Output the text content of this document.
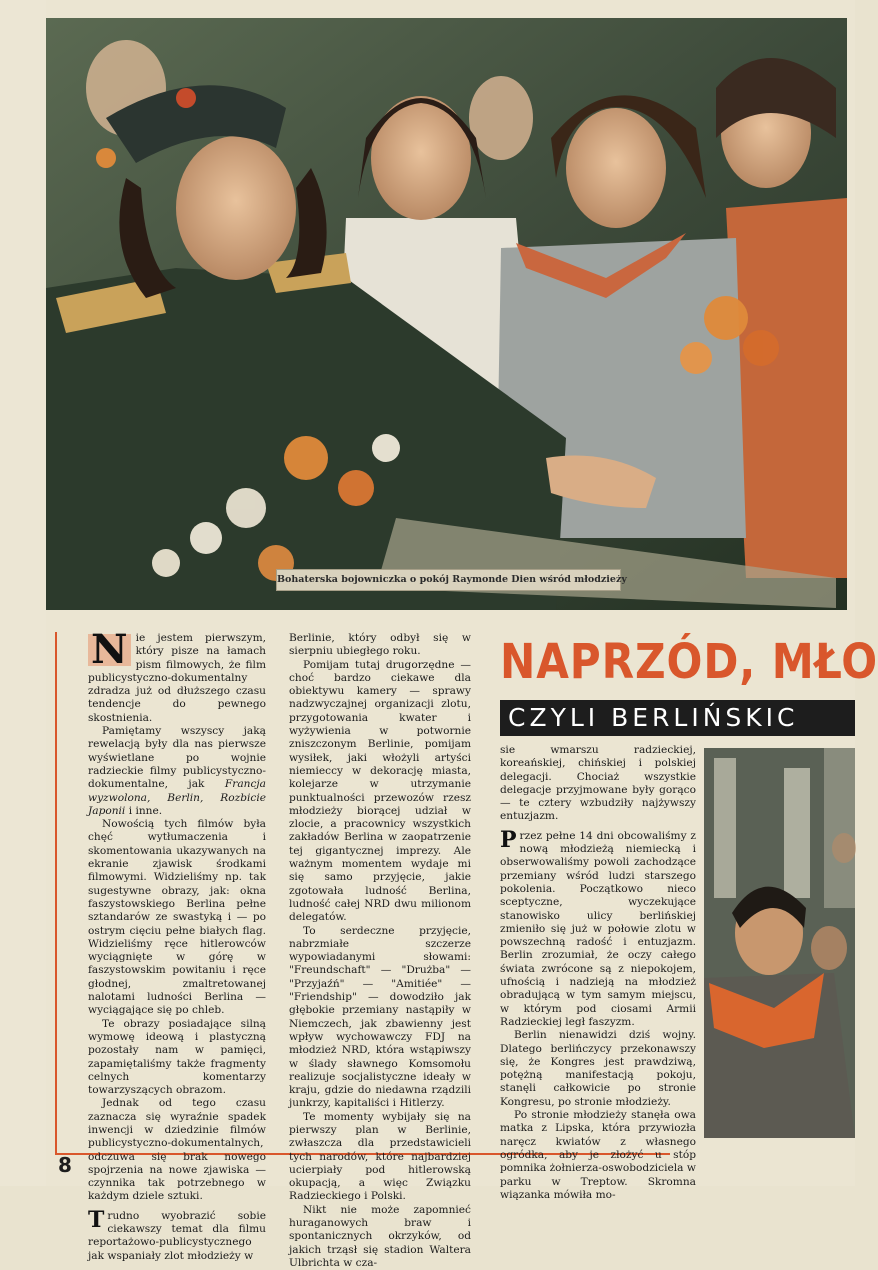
Bohaterska bojowniczka o pokój Raymonde Dien wśród młodzieży

N ie jestem pierwszym, który pisze na łamach pism filmowych, że film publicystyczno-dokumentalny zdradza już od dłuższego czasu tendencje do pewnego skostnienia.

Pamiętamy wszyscy jaką rewelacją były dla nas pierwsze wyświetlane po wojnie radzieckie filmy publicystyczno-dokumentalne, jak Francja wyzwolona, Berlin, Rozbicie Japonii i inne.

Nowością tych filmów była chęć wytłumaczenia i skomentowania ukazywanych na ekranie zjawisk środkami filmowymi. Widzieliśmy np. tak sugestywne obrazy, jak: okna faszystowskiego Berlina pełne sztandarów ze swastyką i — po ostrym cięciu pełne białych flag. Widzieliśmy ręce hitlerowców wyciągnięte w górę w faszystowskim powitaniu i ręce głodnej, zmaltretowanej nalotami ludności Berlina — wyciągające się po chleb.

Te obrazy posiadające silną wymowę ideową i plastyczną pozostały nam w pamięci, zapamiętaliśmy także fragmenty celnych komentarzy towarzyszących obrazom.

Jednak od tego czasu zaznacza się wyraźnie spadek inwencji w dziedzinie filmów publicystyczno-dokumentalnych, odczuwa się brak nowego spojrzenia na nowe zjawiska — czynnika tak potrzebnego w każdym dziele sztuki.

Trudno wyobrazić sobie ciekawszy temat dla filmu reportażowo-publicystycznego jak wspaniały zlot młodzieży w

Berlinie, który odbył się w sierpniu ubiegłego roku.

Pomijam tutaj drugorzędne — choć bardzo ciekawe dla obiektywu kamery — sprawy nadzwyczajnej organizacji zlotu, przygotowania kwater i wyżywienia w potwornie zniszczonym Berlinie, pomijam wysiłek, jaki włożyli artyści niemieccy w dekorację miasta, kolejarze w utrzymanie punktualności przewozów rzesz młodzieży biorącej udział w zlocie, a pracownicy wszystkich zakładów Berlina w zaopatrzenie tej gigantycznej imprezy. Ale ważnym momentem wydaje mi się samo przyjęcie, jakie zgotowała ludność Berlina, ludność całej NRD dwu milionom delegatów.

To serdeczne przyjęcie, nabrzmiałe szczerze wypowiadanymi słowami: "Freundschaft" — "Drużba" — "Przyjaźń" — "Amitiée" — "Friendship" — dowodziło jak głębokie przemiany nastąpiły w Niemczech, jak zbawienny jest wpływ wychowawczy FDJ na młodzież NRD, która wstąpiwszy w ślady sławnego Komsomołu realizuje socjalistyczne ideały w kraju, gdzie do niedawna rządzili junkrzy, kapitaliści i Hitlerzy.

Te momenty wybijały się na pierwszy plan w Berlinie, zwłaszcza dla przedstawicieli tych narodów, które najbardziej ucierpiały pod hitlerowską okupacją, a więc Związku Radzieckiego i Polski.

Nikt nie może zapomnieć huraganowych braw i spontanicznych okrzyków, od jakich trząsł się stadion Waltera Ulbrichta w cza-

NAPRZÓD, MŁO
CZYLI BERLIŃSKIC

sie wmarszu radzieckiej, koreańskiej, chińskiej i polskiej delegacji. Chociaż wszystkie delegacje przyjmowane były gorąco — te cztery wzbudziły najżywszy entuzjazm.

Przez pełne 14 dni obcowaliśmy z nową młodzieżą niemiecką i obserwowaliśmy powoli zachodzące przemiany wśród ludzi starszego pokolenia. Początkowo nieco sceptyczne, wyczekujące stanowisko ulicy berlińskiej zmieniło się już w połowie zlotu w powszechną radość i entuzjazm. Berlin zrozumiał, że oczy całego świata zwrócone są z niepokojem, ufnością i nadzieją na młodzież obradującą w tym samym miejscu, w którym pod ciosami Armii Radzieckiej legł faszyzm.

Berlin nienawidzi dziś wojny. Dlatego berlińczycy przekonawszy się, że Kongres jest prawdziwą, potężną manifestacją pokoju, stanęli całkowicie po stronie Kongresu, po stronie młodzieży.

Po stronie młodzieży stanęła owa matka z Lipska, która przywiozła naręcz kwiatów z własnego ogródka, aby je złożyć u stóp pomnika żołnierza-oswobodziciela w parku w Treptow. Skromna wiązanka mówiła mo-

8
